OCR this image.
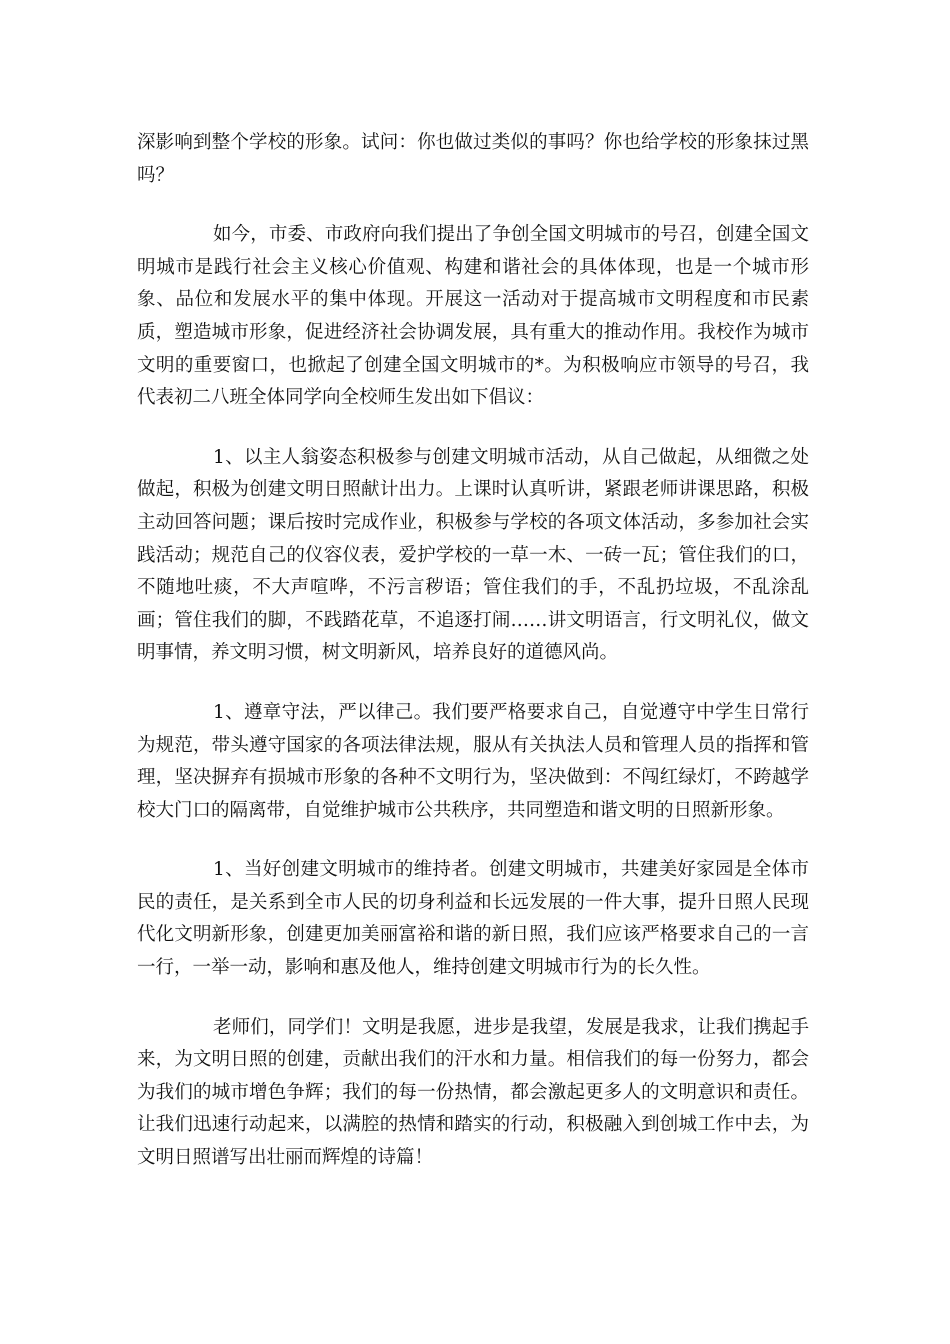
深影响到整个学校的形象。试问：你也做过类似的事吗？你也给学校的形象抹过黑吗？

如今，市委、市政府向我们提出了争创全国文明城市的号召，创建全国文明城市是践行社会主义核心价值观、构建和谐社会的具体体现，也是一个城市形象、品位和发展水平的集中体现。开展这一活动对于提高城市文明程度和市民素质，塑造城市形象，促进经济社会协调发展，具有重大的推动作用。我校作为城市文明的重要窗口，也掀起了创建全国文明城市的*。为积极响应市领导的号召，我代表初二八班全体同学向全校师生发出如下倡议：

1、以主人翁姿态积极参与创建文明城市活动，从自己做起，从细微之处做起，积极为创建文明日照献计出力。上课时认真听讲，紧跟老师讲课思路，积极主动回答问题；课后按时完成作业，积极参与学校的各项文体活动，多参加社会实践活动；规范自己的仪容仪表，爱护学校的一草一木、一砖一瓦；管住我们的口，不随地吐痰，不大声喧哗，不污言秽语；管住我们的手，不乱扔垃圾，不乱涂乱画；管住我们的脚，不践踏花草，不追逐打闹……讲文明语言，行文明礼仪，做文明事情，养文明习惯，树文明新风，培养良好的道德风尚。

1、遵章守法，严以律己。我们要严格要求自己，自觉遵守中学生日常行为规范，带头遵守国家的各项法律法规，服从有关执法人员和管理人员的指挥和管理，坚决摒弃有损城市形象的各种不文明行为，坚决做到：不闯红绿灯，不跨越学校大门口的隔离带，自觉维护城市公共秩序，共同塑造和谐文明的日照新形象。

1、当好创建文明城市的维持者。创建文明城市，共建美好家园是全体市民的责任，是关系到全市人民的切身利益和长远发展的一件大事，提升日照人民现代化文明新形象，创建更加美丽富裕和谐的新日照，我们应该严格要求自己的一言一行，一举一动，影响和惠及他人，维持创建文明城市行为的长久性。

老师们，同学们！文明是我愿，进步是我望，发展是我求，让我们携起手来，为文明日照的创建，贡献出我们的汗水和力量。相信我们的每一份努力，都会为我们的城市增色争辉；我们的每一份热情，都会激起更多人的文明意识和责任。让我们迅速行动起来，以满腔的热情和踏实的行动，积极融入到创城工作中去，为文明日照谱写出壮丽而辉煌的诗篇！
